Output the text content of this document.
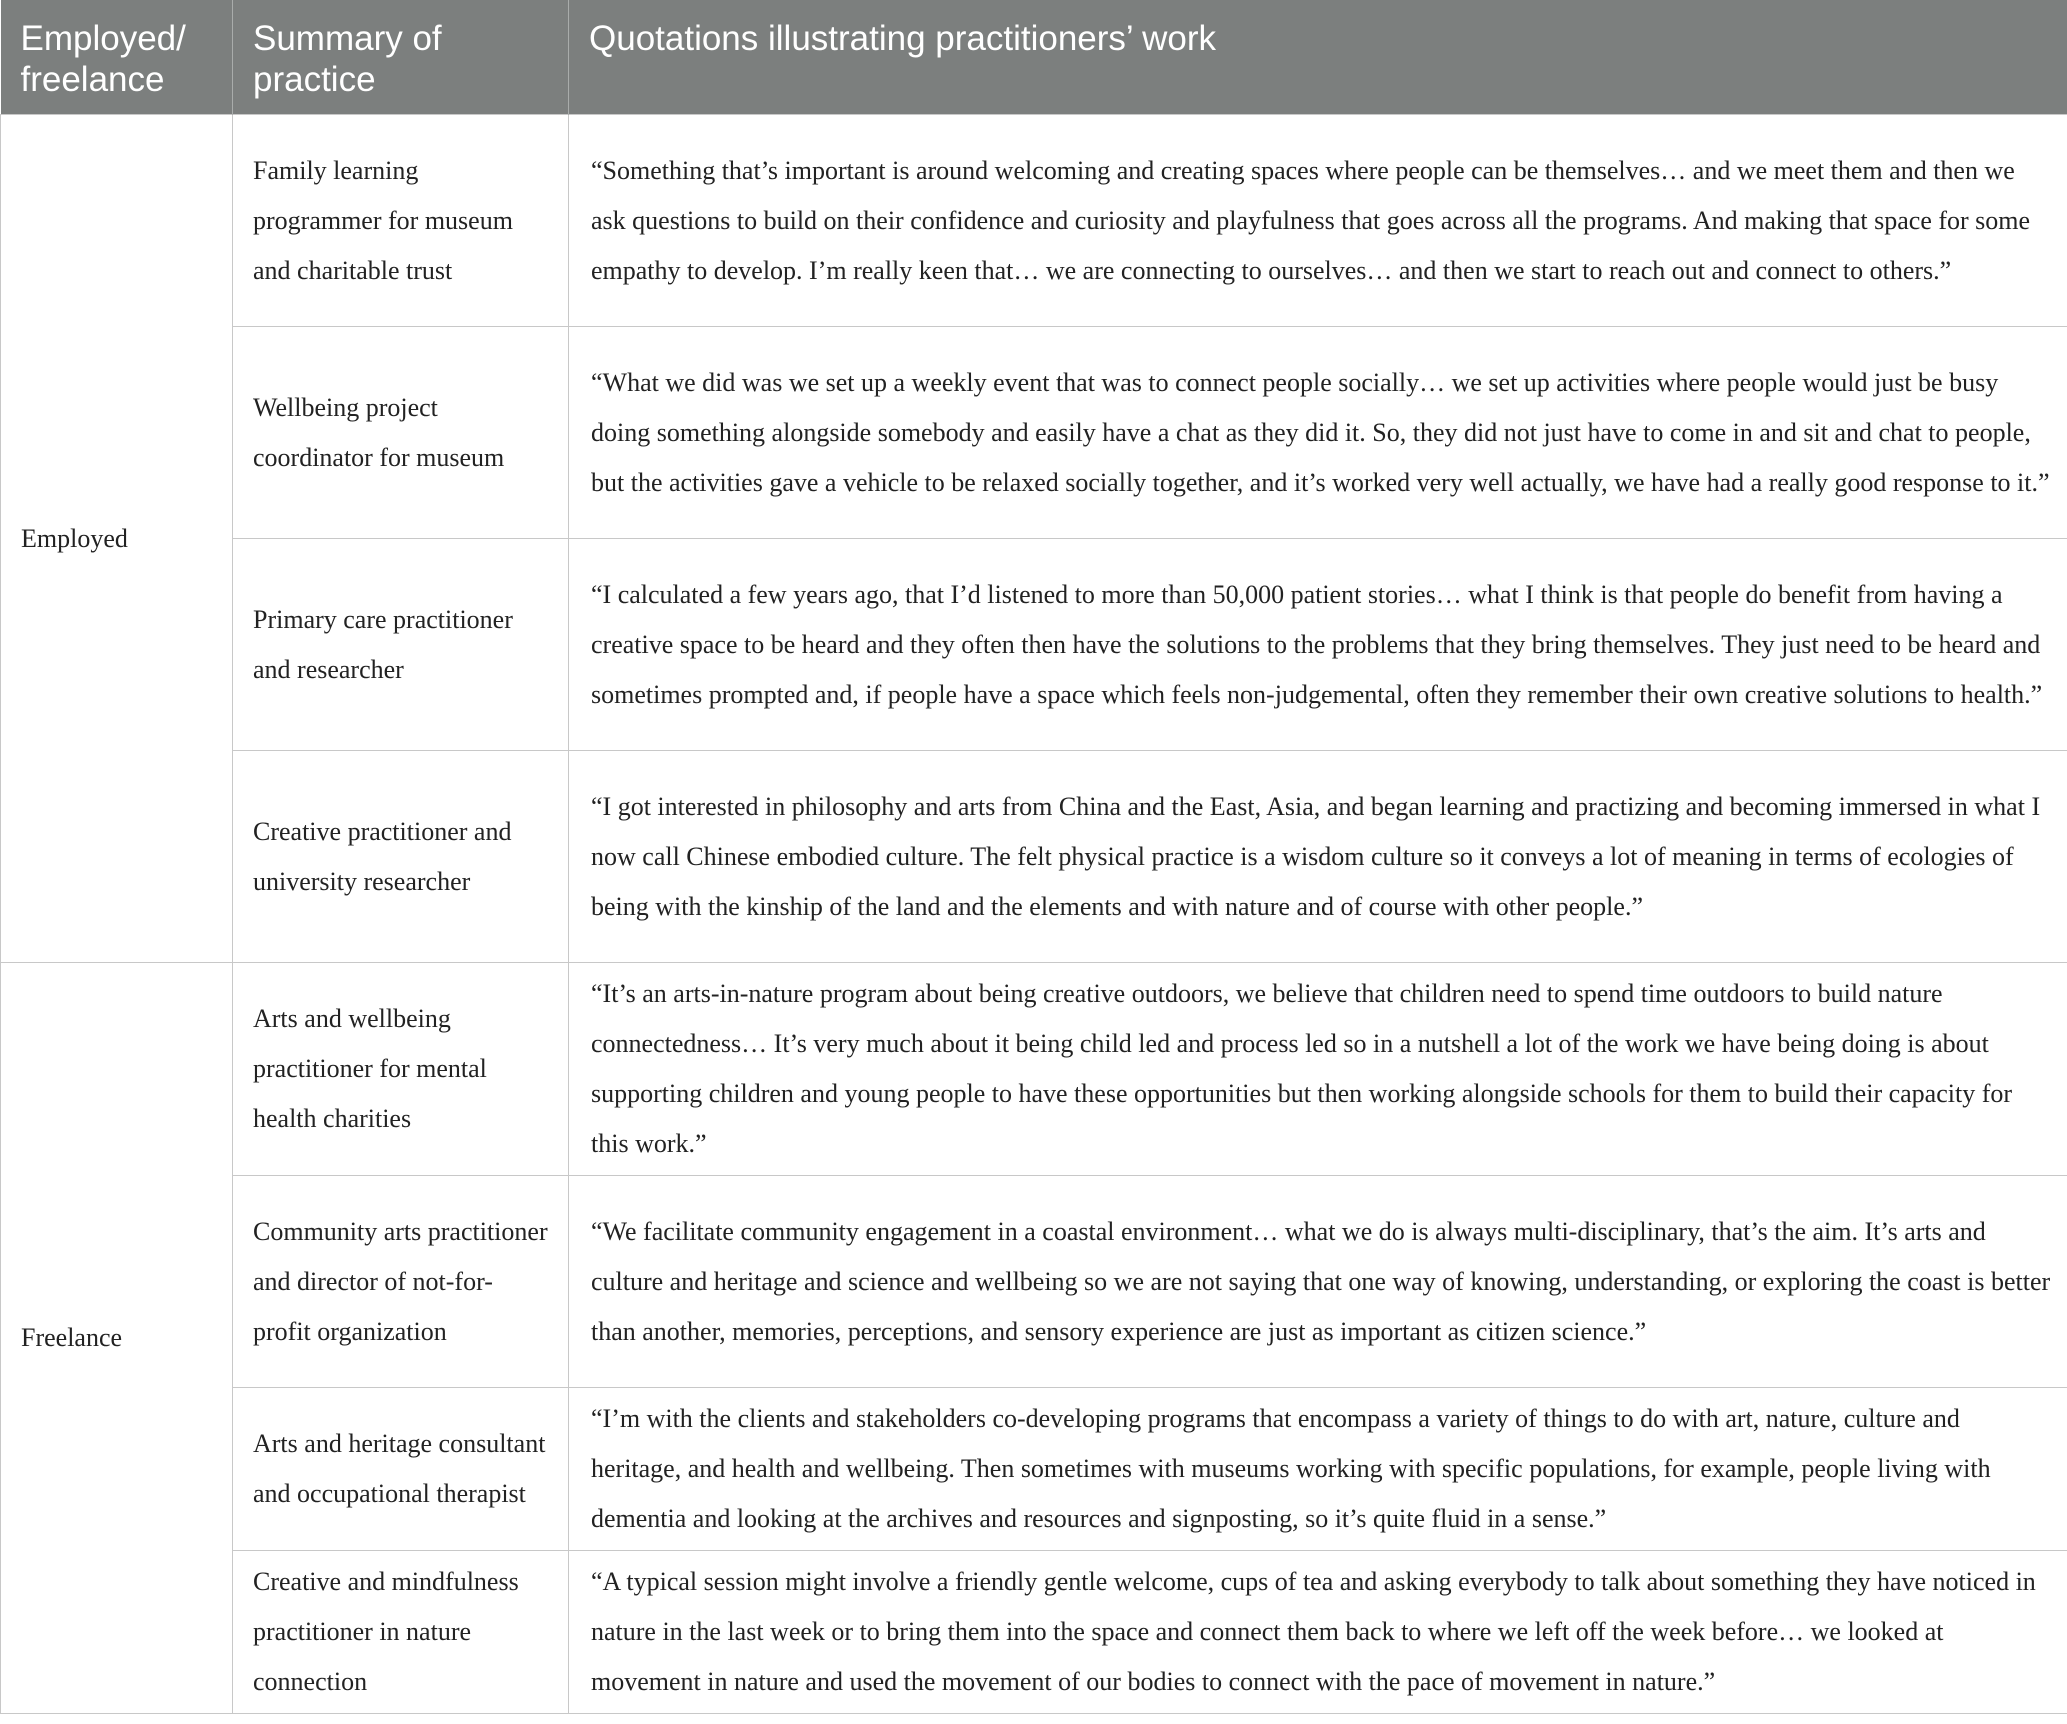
Employed/ freelance	Summary of practice	Quotations illustrating practitioners’ work
Employed	Family learning programmer for museum and charitable trust	“Something that’s important is around welcoming and creating spaces where people can be themselves… and we meet them and then we ask questions to build on their confidence and curiosity and playfulness that goes across all the programs. And making that space for some empathy to develop. I’m really keen that… we are connecting to ourselves… and then we start to reach out and connect to others.”
	Wellbeing project coordinator for museum	“What we did was we set up a weekly event that was to connect people socially… we set up activities where people would just be busy doing something alongside somebody and easily have a chat as they did it. So, they did not just have to come in and sit and chat to people, but the activities gave a vehicle to be relaxed socially together, and it’s worked very well actually, we have had a really good response to it.”
	Primary care practitioner and researcher	“I calculated a few years ago, that I’d listened to more than 50,000 patient stories… what I think is that people do benefit from having a creative space to be heard and they often then have the solutions to the problems that they bring themselves. They just need to be heard and sometimes prompted and, if people have a space which feels non-judgemental, often they remember their own creative solutions to health.”
	Creative practitioner and university researcher	“I got interested in philosophy and arts from China and the East, Asia, and began learning and practizing and becoming immersed in what I now call Chinese embodied culture. The felt physical practice is a wisdom culture so it conveys a lot of meaning in terms of ecologies of being with the kinship of the land and the elements and with nature and of course with other people.”
Freelance	Arts and wellbeing practitioner for mental health charities	“It’s an arts-in-nature program about being creative outdoors, we believe that children need to spend time outdoors to build nature connectedness… It’s very much about it being child led and process led so in a nutshell a lot of the work we have being doing is about supporting children and young people to have these opportunities but then working alongside schools for them to build their capacity for this work.”
	Community arts practitioner and director of not-for-profit organization	“We facilitate community engagement in a coastal environment… what we do is always multi-disciplinary, that’s the aim. It’s arts and culture and heritage and science and wellbeing so we are not saying that one way of knowing, understanding, or exploring the coast is better than another, memories, perceptions, and sensory experience are just as important as citizen science.”
	Arts and heritage consultant and occupational therapist	“I’m with the clients and stakeholders co-developing programs that encompass a variety of things to do with art, nature, culture and heritage, and health and wellbeing. Then sometimes with museums working with specific populations, for example, people living with dementia and looking at the archives and resources and signposting, so it’s quite fluid in a sense.”
	Creative and mindfulness practitioner in nature connection	“A typical session might involve a friendly gentle welcome, cups of tea and asking everybody to talk about something they have noticed in nature in the last week or to bring them into the space and connect them back to where we left off the week before… we looked at movement in nature and used the movement of our bodies to connect with the pace of movement in nature.”
